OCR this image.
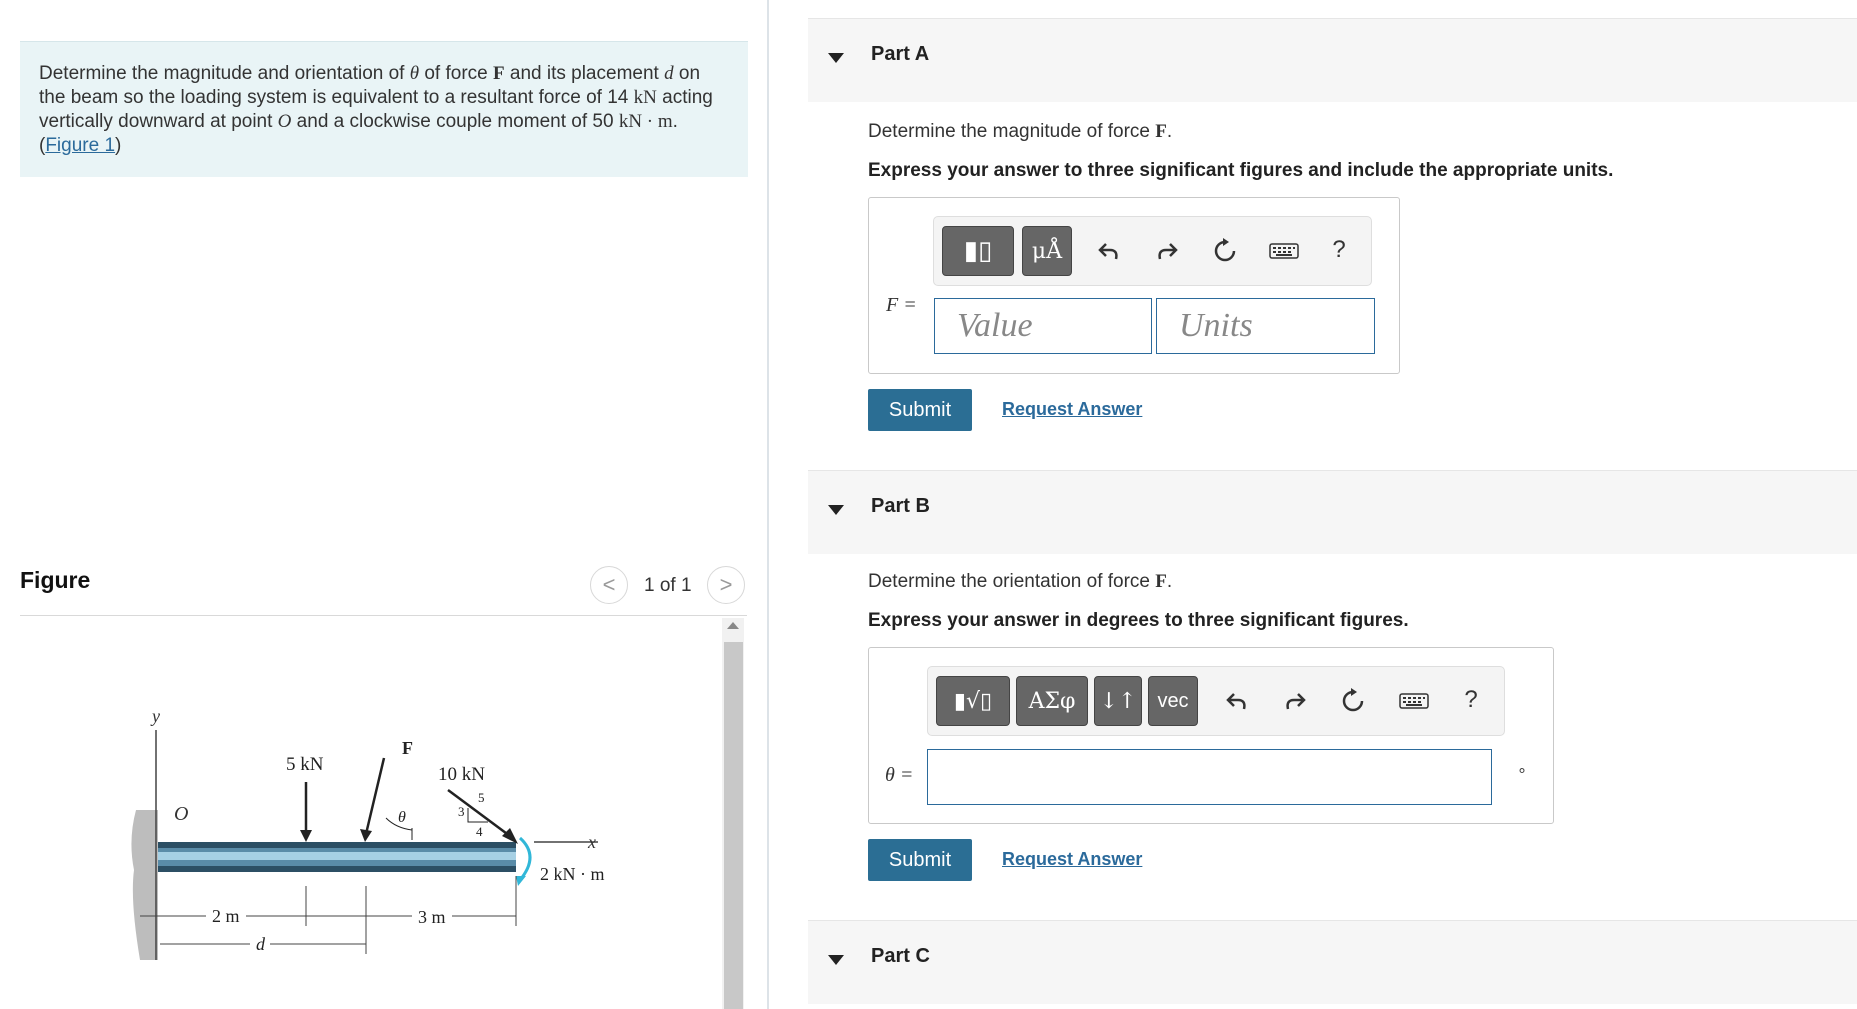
Determine the magnitude and orientation of θ of force F and its placement d on the beam so the loading system is equivalent to a resultant force of 14 kN acting vertically downward at point O and a clockwise couple moment of 50 kN · m. (Figure 1)
Figure	< 1 of 1 >
y
O
x
5 kN
F
θ
10 kN
3
5
4
2 kN · m
2 m	3 m
d
Part A
Determine the magnitude of force F.
Express your answer to three significant figures and include the appropriate units.
▮▯	μÅ	?
F =
Value
Units
Submit	Request Answer
Part B
Determine the orientation of force F.
Express your answer in degrees to three significant figures.
▮√▯	ΑΣφ	↓↑	vec	?
θ =	∘
Submit	Request Answer
Part C
